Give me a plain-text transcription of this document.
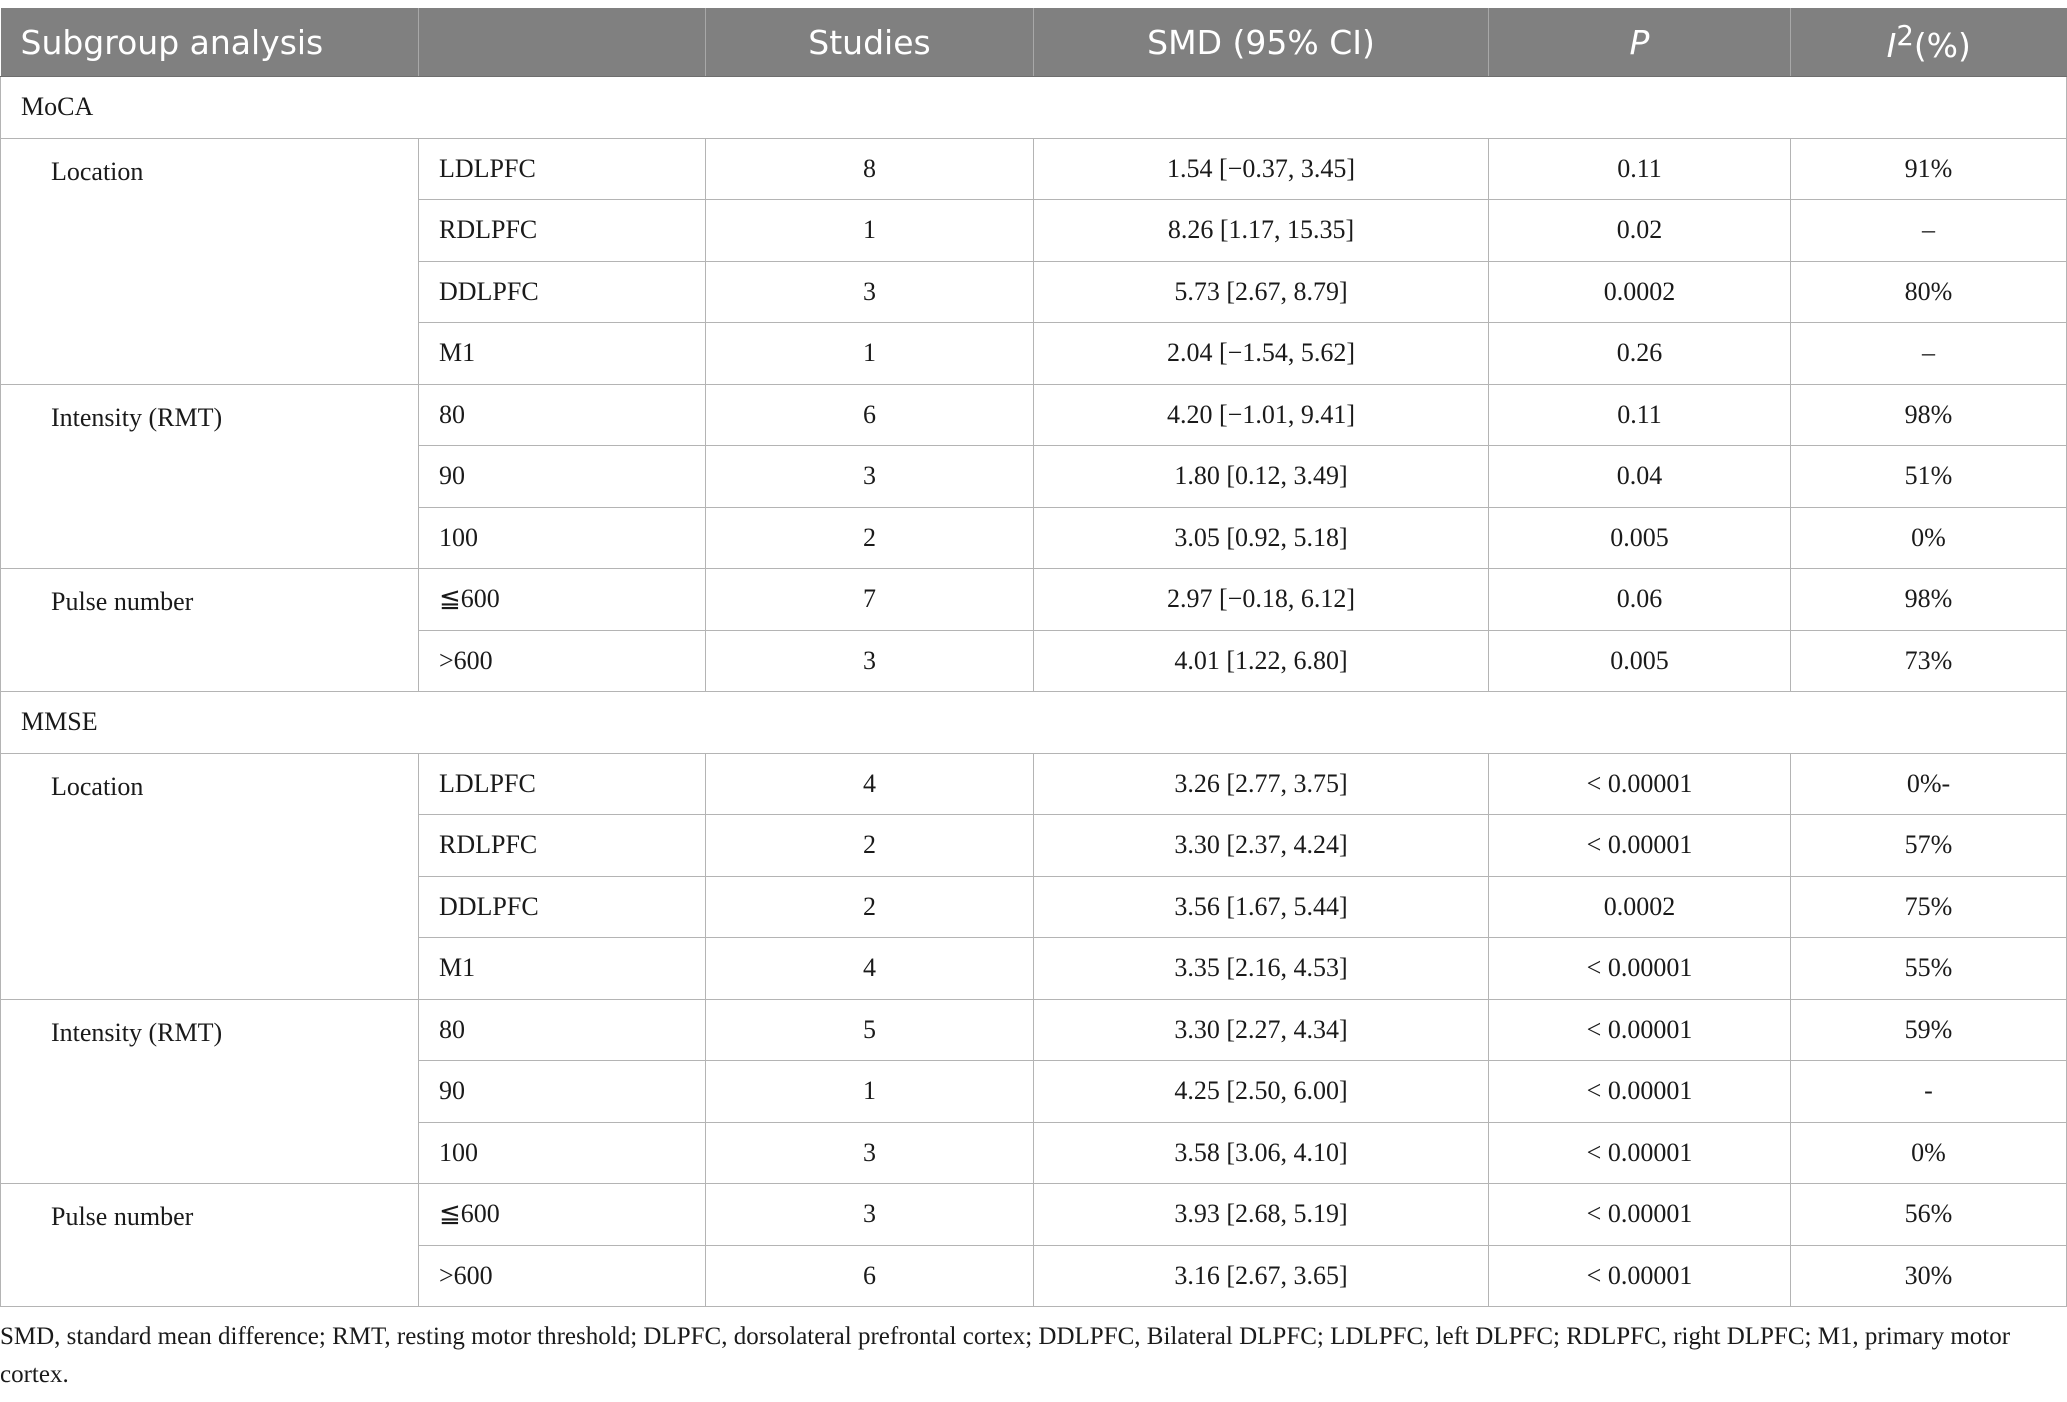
Subgroup analysis		Studies	SMD (95% CI)	P	$I^2(\%)$
MoCA					
Location	LDLPFC	8	1.54 [−0.37, 3.45]	0.11	91%
	RDLPFC	1	8.26 [1.17, 15.35]	0.02	–
	DDLPFC	3	5.73 [2.67, 8.79]	0.0002	80%
	M1	1	2.04 [−1.54, 5.62]	0.26	–
Intensity (RMT)	80	6	4.20 [−1.01, 9.41]	0.11	98%
	90	3	1.80 [0.12, 3.49]	0.04	51%
	100	2	3.05 [0.92, 5.18]	0.005	0%
Pulse number	≦600	7	2.97 [−0.18, 6.12]	0.06	98%
	>600	3	4.01 [1.22, 6.80]	0.005	73%
MMSE					
Location	LDLPFC	4	3.26 [2.77, 3.75]	< 0.00001	0%-
	RDLPFC	2	3.30 [2.37, 4.24]	< 0.00001	57%
	DDLPFC	2	3.56 [1.67, 5.44]	0.0002	75%
	M1	4	3.35 [2.16, 4.53]	< 0.00001	55%
Intensity (RMT)	80	5	3.30 [2.27, 4.34]	< 0.00001	59%
	90	1	4.25 [2.50, 6.00]	< 0.00001	-
	100	3	3.58 [3.06, 4.10]	< 0.00001	0%
Pulse number	≦600	3	3.93 [2.68, 5.19]	< 0.00001	56%
	>600	6	3.16 [2.67, 3.65]	< 0.00001	30%
SMD, standard mean difference; RMT, resting motor threshold; DLPFC, dorsolateral prefrontal cortex; DDLPFC, Bilateral DLPFC; LDLPFC, left DLPFC; RDLPFC, right DLPFC; M1, primary motor cortex.
